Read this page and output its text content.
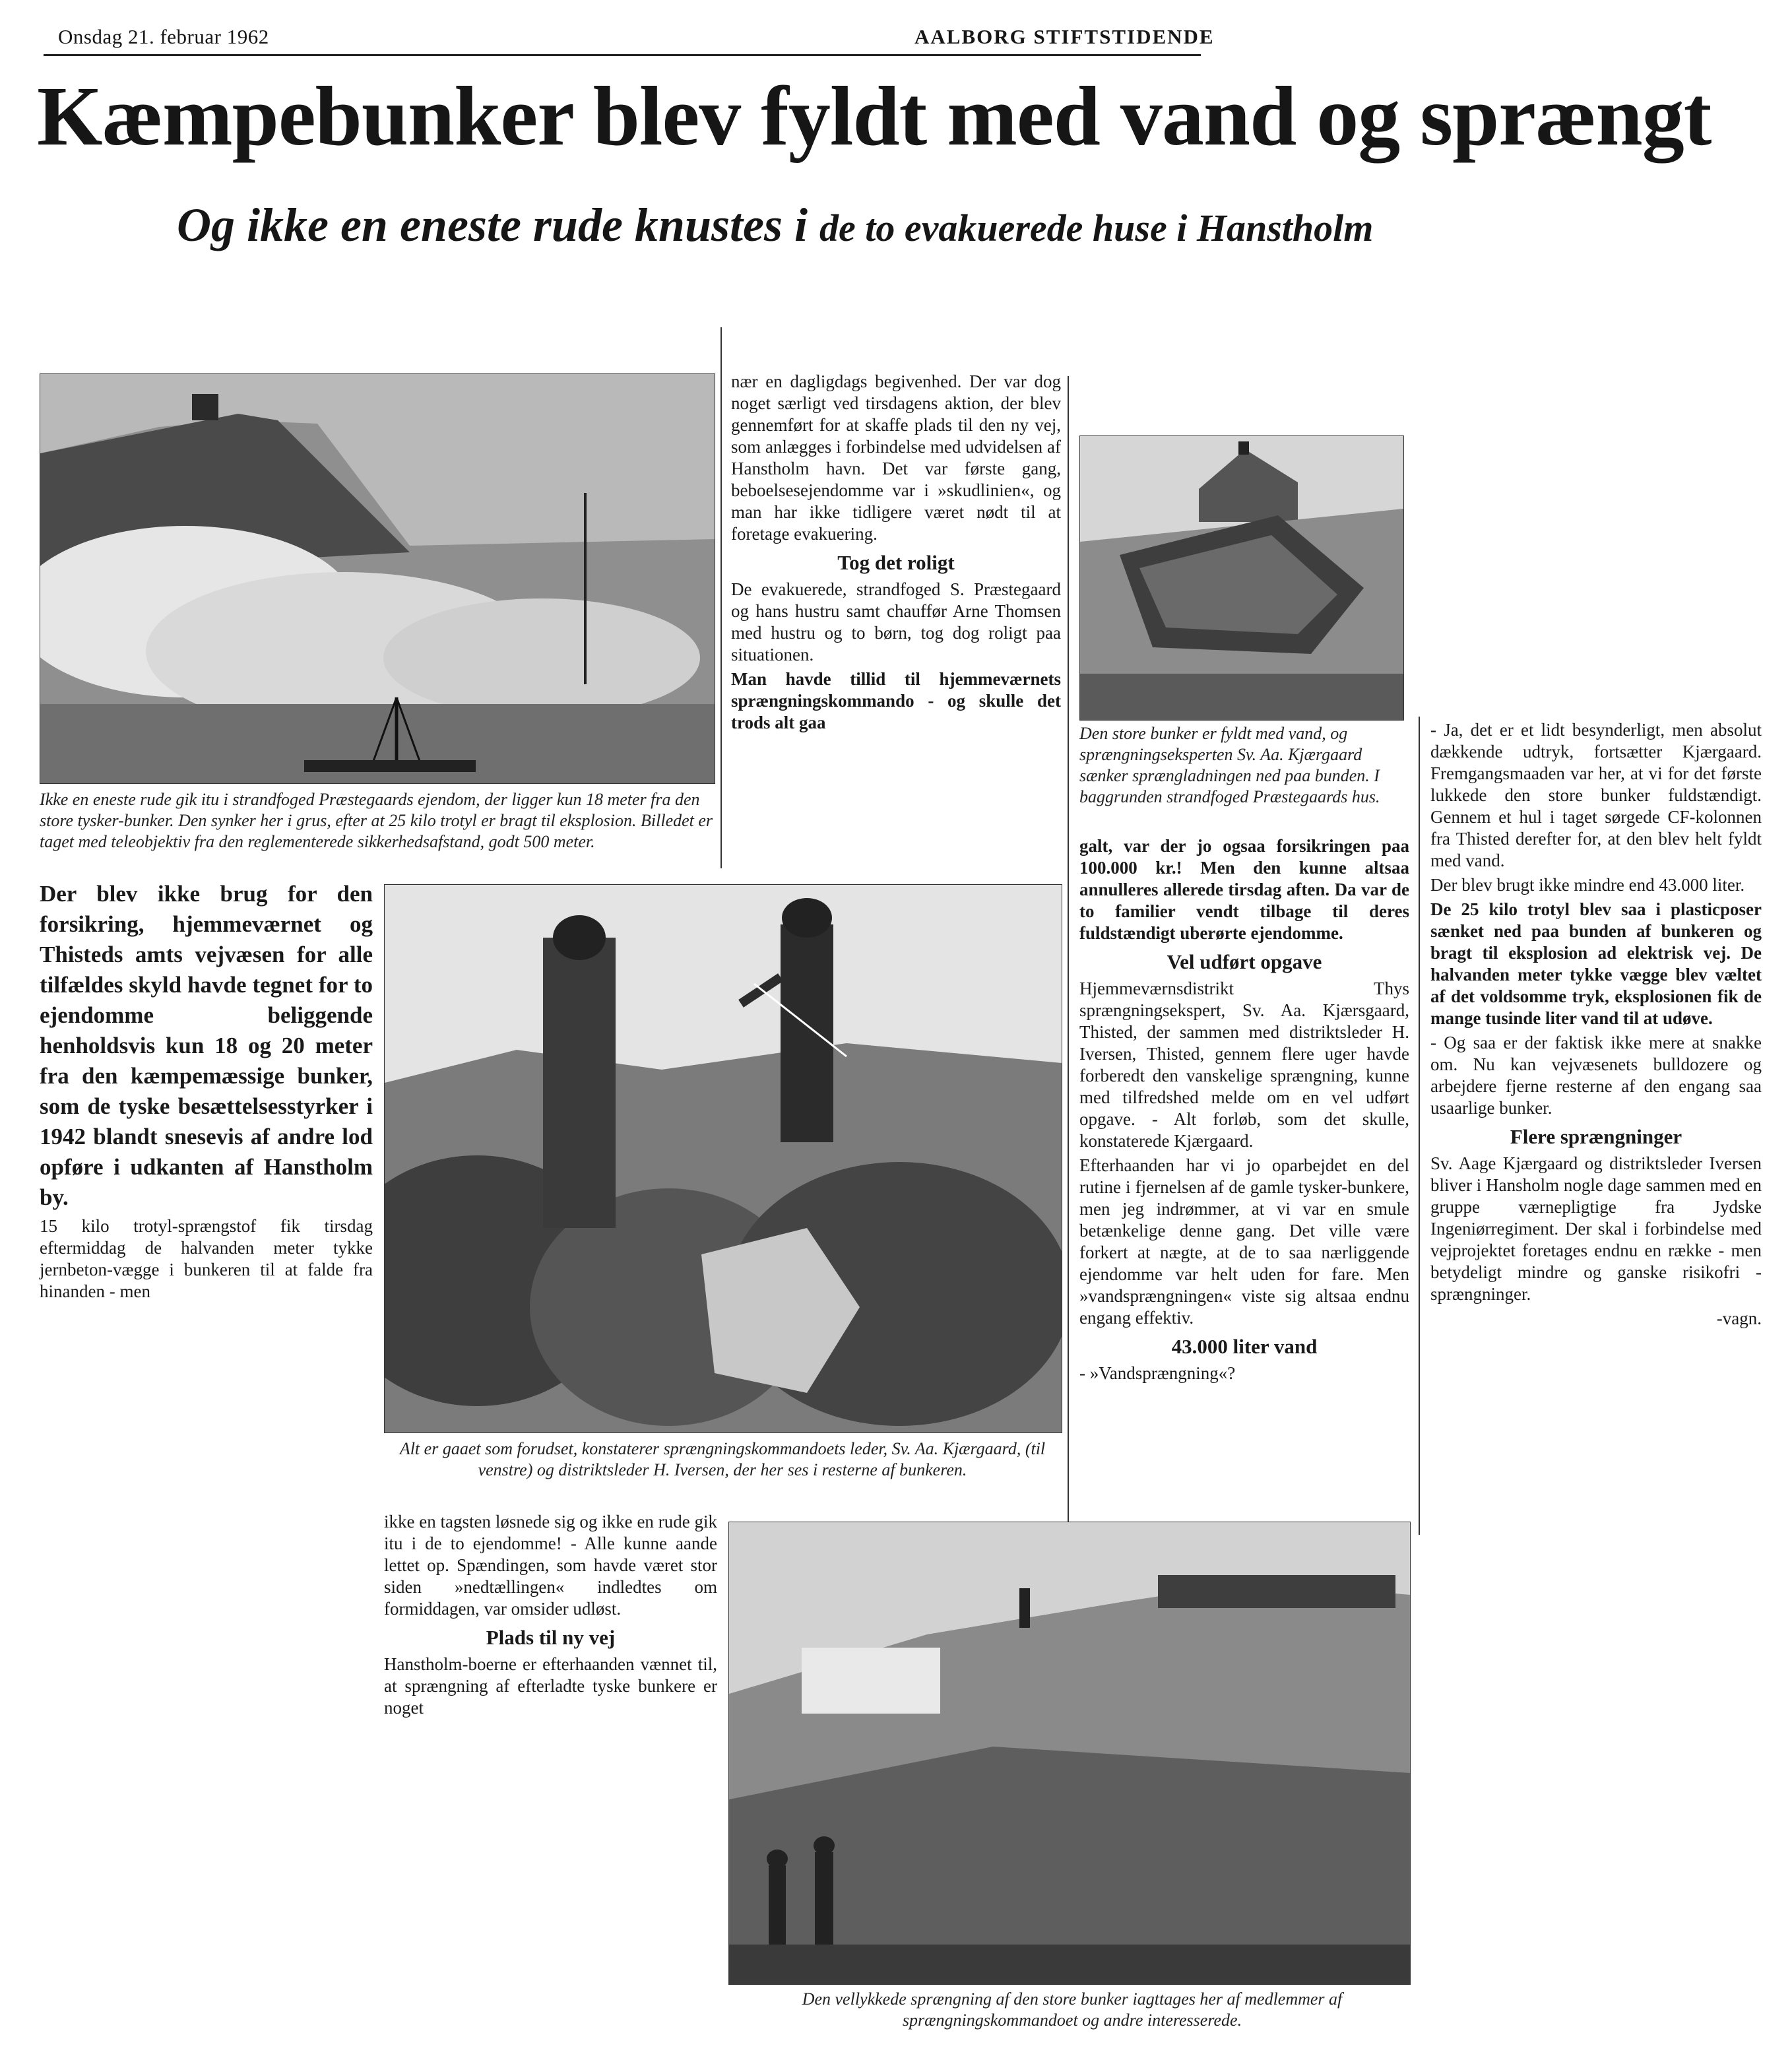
Onsdag 21. februar 1962	AALBORG STIFTSTIDENDE
Kæmpebunker blev fyldt med vand og sprængt
Og ikke en eneste rude knustes i de to evakuerede huse i Hanstholm
Ikke en eneste rude gik itu i strandfoged Præstegaards ejendom, der ligger kun 18 meter fra den store tysker-bunker. Den synker her i grus, efter at 25 kilo trotyl er bragt til eksplosion. Billedet er taget med teleobjektiv fra den reglementerede sikkerhedsafstand, godt 500 meter.

Der blev ikke brug for den forsikring, hjemmeværnet og Thisteds amts vejvæsen for alle tilfældes skyld havde tegnet for to ejendomme beliggende henholdsvis kun 18 og 20 meter fra den kæmpemæssige bunker, som de tyske besættelsesstyrker i 1942 blandt snesevis af andre lod opføre i udkanten af Hanstholm by.

15 kilo trotyl-sprængstof fik tirsdag eftermiddag de halvanden meter tykke jernbeton-vægge i bunkeren til at falde fra hinanden - men

nær en dagligdags begivenhed. Der var dog noget særligt ved tirsdagens aktion, der blev gennemført for at skaffe plads til den ny vej, som anlægges i forbindelse med udvidelsen af Hanstholm havn. Det var første gang, beboelsesejendomme var i »skudlinien«, og man har ikke tidligere været nødt til at foretage evakuering.

Tog det roligt

De evakuerede, strandfoged S. Præstegaard og hans hustru samt chauffør Arne Thomsen med hustru og to børn, tog dog roligt paa situationen.

Man havde tillid til hjemmeværnets sprængningskommando - og skulle det trods alt gaa

Alt er gaaet som forudset, konstaterer sprængningskommandoets leder, Sv. Aa. Kjærgaard, (til venstre) og distriktsleder H. Iversen, der her ses i resterne af bunkeren.

ikke en tagsten løsnede sig og ikke en rude gik itu i de to ejendomme! - Alle kunne aande lettet op. Spændingen, som havde været stor siden »nedtællingen« indledtes om formiddagen, var omsider udløst.

Plads til ny vej

Hanstholm-boerne er efterhaanden vænnet til, at sprængning af efterladte tyske bunkere er noget

Den store bunker er fyldt med vand, og sprængningseksperten Sv. Aa. Kjærgaard sænker sprængladningen ned paa bunden. I baggrunden strandfoged Præstegaards hus.

galt, var der jo ogsaa forsikringen paa 100.000 kr.! Men den kunne altsaa annulleres allerede tirsdag aften. Da var de to familier vendt tilbage til deres fuldstændigt uberørte ejendomme.

Vel udført opgave

Hjemmeværnsdistrikt Thys sprængningsekspert, Sv. Aa. Kjærsgaard, Thisted, der sammen med distriktsleder H. Iversen, Thisted, gennem flere uger havde forberedt den vanskelige sprængning, kunne med tilfredshed melde om en vel udført opgave. - Alt forløb, som det skulle, konstaterede Kjærgaard.

Efterhaanden har vi jo oparbejdet en del rutine i fjernelsen af de gamle tysker-bunkere, men jeg indrømmer, at vi var en smule betænkelige denne gang. Det ville være forkert at nægte, at de to saa nærliggende ejendomme var helt uden for fare. Men »vandsprængningen« viste sig altsaa endnu engang effektiv.

43.000 liter vand

- »Vandsprængning«?

- Ja, det er et lidt besynderligt, men absolut dækkende udtryk, fortsætter Kjærgaard. Fremgangsmaaden var her, at vi for det første lukkede den store bunker fuldstændigt. Gennem et hul i taget sørgede CF-kolonnen fra Thisted derefter for, at den blev helt fyldt med vand.

Der blev brugt ikke mindre end 43.000 liter.

De 25 kilo trotyl blev saa i plasticposer sænket ned paa bunden af bunkeren og bragt til eksplosion ad elektrisk vej. De halvanden meter tykke vægge blev væltet af det voldsomme tryk, eksplosionen fik de mange tusinde liter vand til at udøve.

- Og saa er der faktisk ikke mere at snakke om. Nu kan vejvæsenets bulldozere og arbejdere fjerne resterne af den engang saa usaarlige bunker.

Flere sprængninger

Sv. Aage Kjærgaard og distriktsleder Iversen bliver i Hansholm nogle dage sammen med en gruppe værnepligtige fra Jydske Ingeniørregiment. Der skal i forbindelse med vejprojektet foretages endnu en række - men betydeligt mindre og ganske risikofri - sprængninger.

-vagn.

Den vellykkede sprængning af den store bunker iagttages her af medlemmer af sprængningskommandoet og andre interesserede.
